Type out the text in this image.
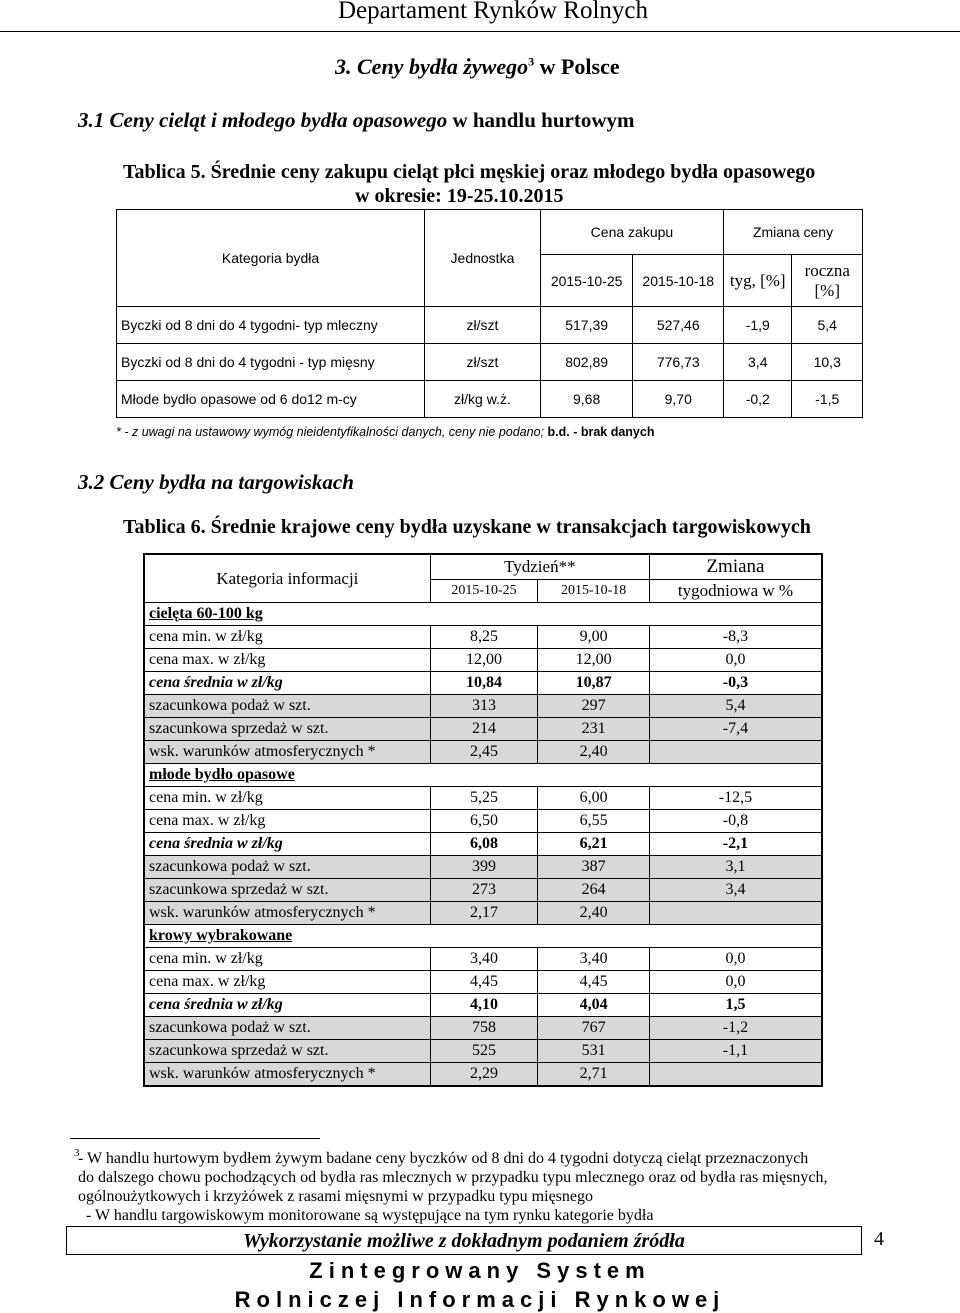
Departament Rynków Rolnych
3. Ceny bydła żywego$^3$ w Polsce
3.1 Ceny cieląt i młodego bydła opasowego w handlu hurtowym
Tablica 5. Średnie ceny zakupu cieląt płci męskiej oraz młodego bydła opasowego
w okresie: 19-25.10.2015
Kategoria bydła	Jednostka	Cena zakupu		Zmiana ceny	
		2015-10-25	2015-10-18	tyg, [%]	roczna [%]
Byczki od 8 dni do 4 tygodni- typ mleczny	zł/szt	517,39	527,46	-1,9	5,4
Byczki od 8 dni do 4 tygodni - typ mięsny	zł/szt	802,89	776,73	3,4	10,3
Młode bydło opasowe od 6 do12 m-cy	zł/kg w.ż.	9,68	9,70	-0,2	-1,5
* - z uwagi na ustawowy wymóg nieidentyfikalności danych, ceny nie podano; b.d. - brak danych
3.2 Ceny bydła na targowiskach
Tablica 6. Średnie krajowe ceny bydła uzyskane w transakcjach targowiskowych
Kategoria informacji	Tydzień**		Zmiana
	2015-10-25	2015-10-18	tygodniowa w %
cielęta 60-100 kg			
cena min. w zł/kg	8,25	9,00	-8,3
cena max. w zł/kg	12,00	12,00	0,0
cena średnia w zł/kg	10,84	10,87	-0,3
szacunkowa podaż w szt.	313	297	5,4
szacunkowa sprzedaż w szt.	214	231	-7,4
wsk. warunków atmosferycznych *	2,45	2,40	
młode bydło opasowe			
cena min. w zł/kg	5,25	6,00	-12,5
cena max. w zł/kg	6,50	6,55	-0,8
cena średnia w zł/kg	6,08	6,21	-2,1
szacunkowa podaż w szt.	399	387	3,1
szacunkowa sprzedaż w szt.	273	264	3,4
wsk. warunków atmosferycznych *	2,17	2,40	
krowy wybrakowane			
cena min. w zł/kg	3,40	3,40	0,0
cena max. w zł/kg	4,45	4,45	0,0
cena średnia w zł/kg	4,10	4,04	1,5
szacunkowa podaż w szt.	758	767	-1,2
szacunkowa sprzedaż w szt.	525	531	-1,1
wsk. warunków atmosferycznych *	2,29	2,71	
3
- W handlu hurtowym bydłem żywym badane ceny byczków od 8 dni do 4 tygodni dotyczą cieląt przeznaczonych
do dalszego chowu pochodzących od bydła ras mlecznych w przypadku typu mlecznego oraz od bydła ras mięsnych,
ogólnoużytkowych i krzyżówek z rasami mięsnymi w przypadku typu mięsnego
- W handlu targowiskowym monitorowane są występujące na tym rynku kategorie bydła
Wykorzystanie możliwe z dokładnym podaniem źródła	4
Zintegrowany System
Rolniczej Informacji Rynkowej
